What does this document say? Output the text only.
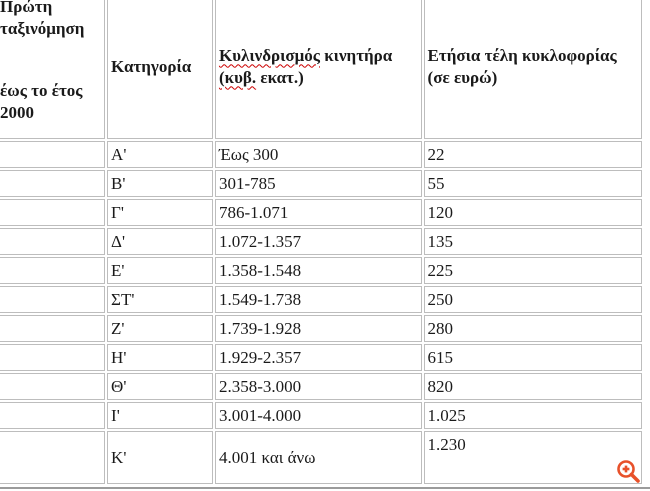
Πρώτη ταξινόμηση
έως το έτος 2000	Κατηγορία	Κυλινδρισμός κινητήρα (κυβ. εκατ.)	Ετήσια τέλη κυκλοφορίας (σε ευρώ)
	Α'	Έως 300	22
	Β'	301-785	55
	Γ'	786-1.071	120
	Δ'	1.072-1.357	135
	Ε'	1.358-1.548	225
	ΣΤ'	1.549-1.738	250
	Ζ'	1.739-1.928	280
	Η'	1.929-2.357	615
	Θ'	2.358-3.000	820
	Ι'	3.001-4.000	1.025
	Κ'	4.001 και άνω	1.230
